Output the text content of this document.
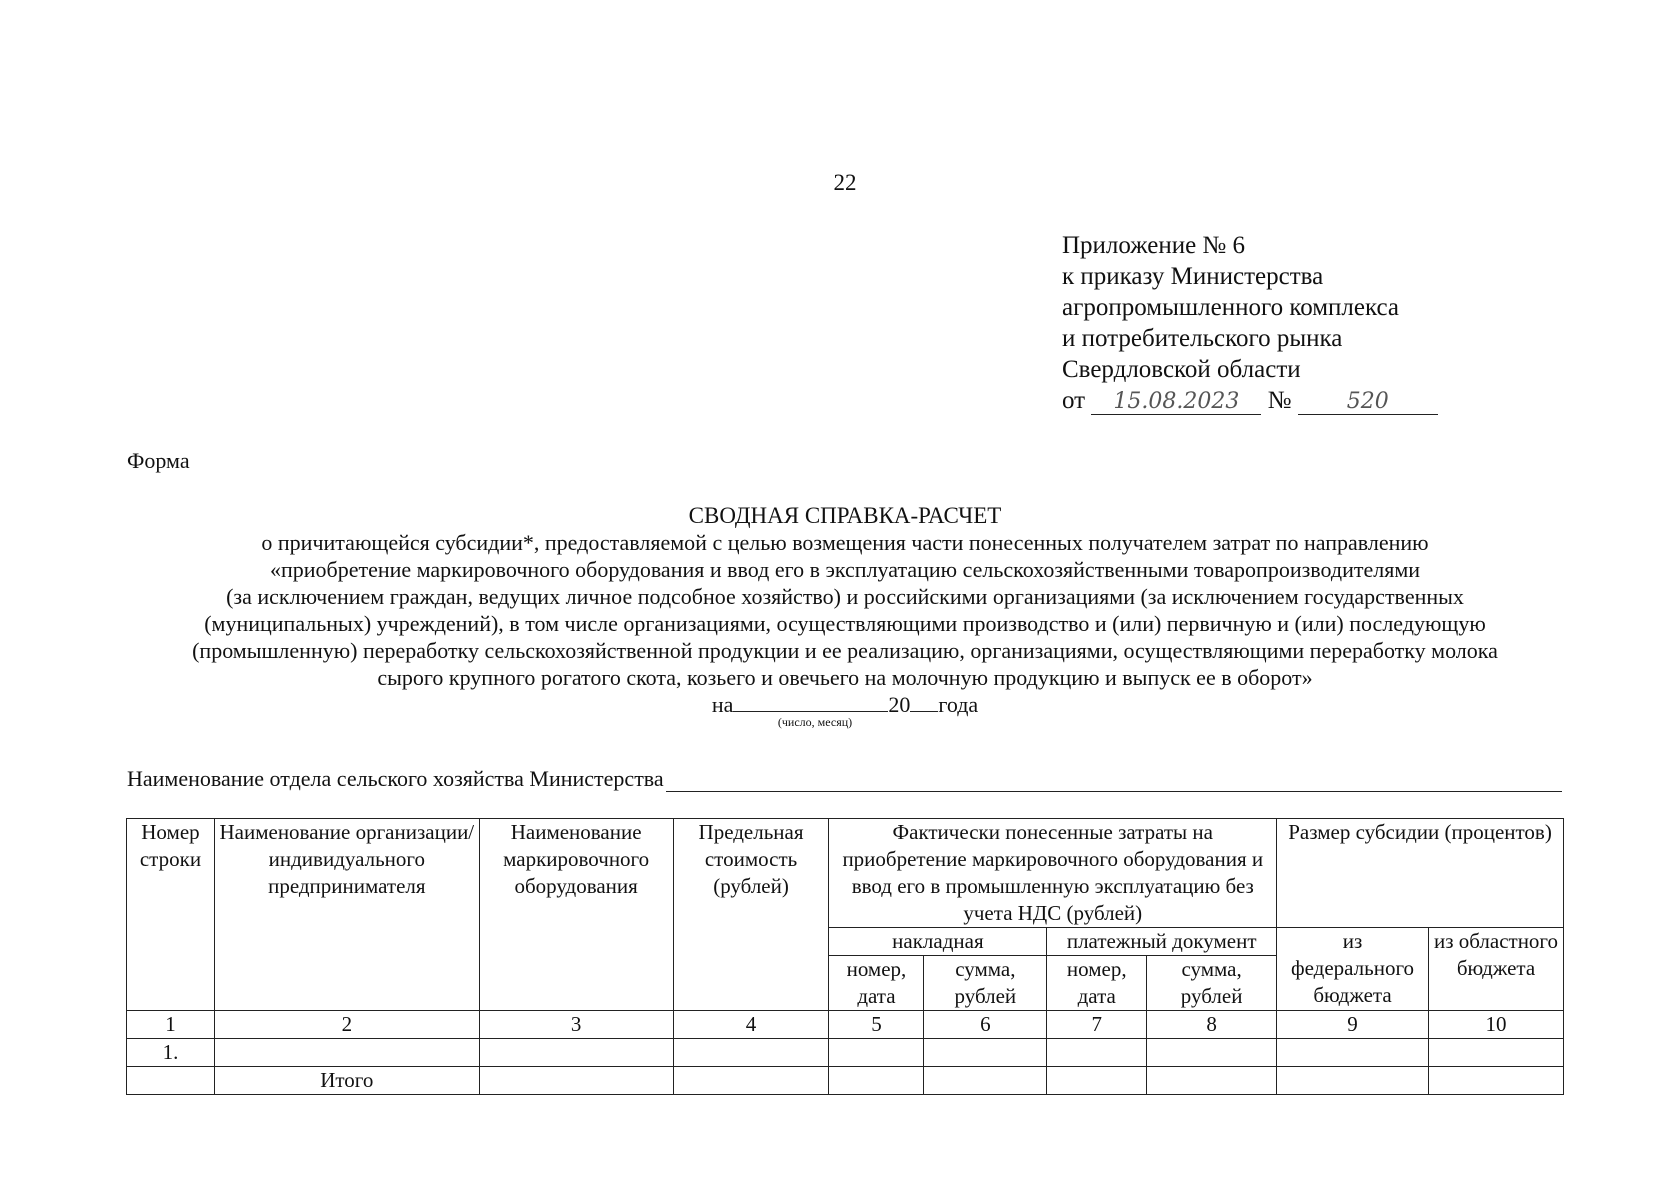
22
Приложение № 6
к приказу Министерства
агропромышленного комплекса
и потребительского рынка
Свердловской области
от 15.08.2023 №	520
Форма
СВОДНАЯ СПРАВКА-РАСЧЕТ
о причитающейся субсидии*, предоставляемой с целью возмещения части понесенных получателем затрат по направлению
«приобретение маркировочного оборудования и ввод его в эксплуатацию сельскохозяйственными товаропроизводителями
(за исключением граждан, ведущих личное подсобное хозяйство) и российскими организациями (за исключением государственных
(муниципальных) учреждений), в том числе организациями, осуществляющими производство и (или) первичную и (или) последующую
(промышленную) переработку сельскохозяйственной продукции и ее реализацию, организациями, осуществляющими переработку молока
сырого крупного рогатого скота, козьего и овечьего на молочную продукцию и выпуск ее в оборот»
на	20 года
(число, месяц)
Наименование отдела сельского хозяйства Министерства
Номер строки	Наименование организации/ индивидуального предпринимателя	Наименование маркировочного оборудования	Предельная стоимость (рублей)	Фактически понесенные затраты на приобретение маркировочного оборудования и ввод его в промышленную эксплуатацию без учета НДС (рублей)				Размер субсидии (процентов)	
				накладная		платежный документ		из федерального бюджета	из областного бюджета
				номер, дата	сумма, рублей	номер, дата	сумма, рублей		
1	2	3	4	5	6	7	8	9	10
1.									
	Итого								
